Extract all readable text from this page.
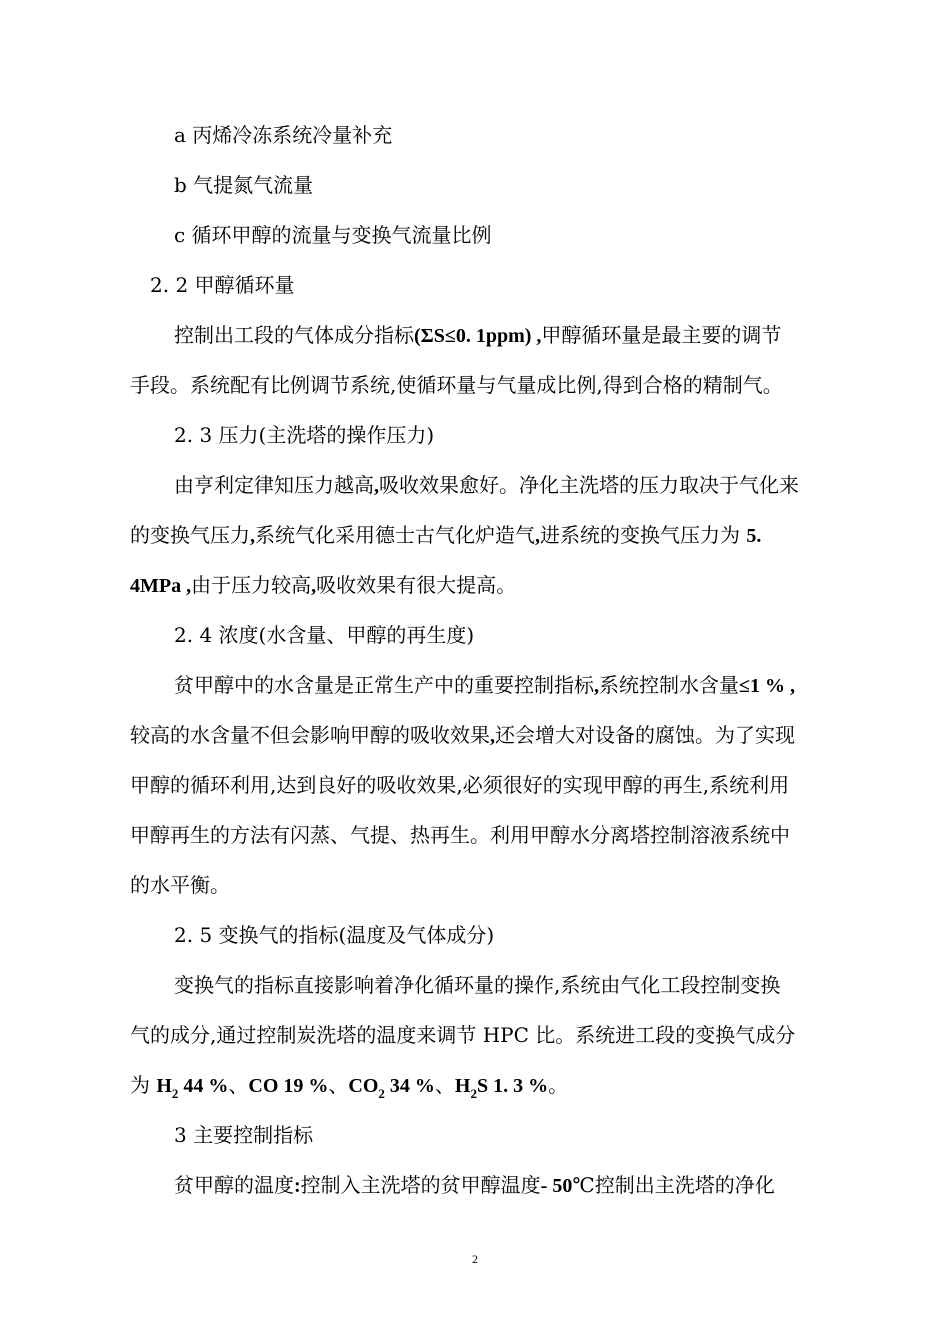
a 丙烯冷冻系统冷量补充
b 气提氮气流量
c 循环甲醇的流量与变换气流量比例
2. 2 甲醇循环量
控制出工段的气体成分指标(ΣS≤0. 1ppm) ,甲醇循环量是最主要的调节
手段。系统配有比例调节系统,使循环量与气量成比例,得到合格的精制气。
2. 3 压力(主洗塔的操作压力)
由亨利定律知压力越高,吸收效果愈好。净化主洗塔的压力取决于气化来
的变换气压力,系统气化采用德士古气化炉造气,进系统的变换气压力为 5.
4MPa ,由于压力较高,吸收效果有很大提高。
2. 4 浓度(水含量、甲醇的再生度)
贫甲醇中的水含量是正常生产中的重要控制指标,系统控制水含量≤1 % ,
较高的水含量不但会影响甲醇的吸收效果,还会增大对设备的腐蚀。为了实现
甲醇的循环利用,达到良好的吸收效果,必须很好的实现甲醇的再生,系统利用
甲醇再生的方法有闪蒸、气提、热再生。利用甲醇水分离塔控制溶液系统中
的水平衡。
2. 5 变换气的指标(温度及气体成分)
变换气的指标直接影响着净化循环量的操作,系统由气化工段控制变换
气的成分,通过控制炭洗塔的温度来调节 HPC 比。系统进工段的变换气成分
为 $H_2$ 44 %、CO 19 %、$CO_2$ 34 %、$H_2S$ 1. 3 %。
3 主要控制指标
贫甲醇的温度:控制入主洗塔的贫甲醇温度- 50℃控制出主洗塔的净化
2
